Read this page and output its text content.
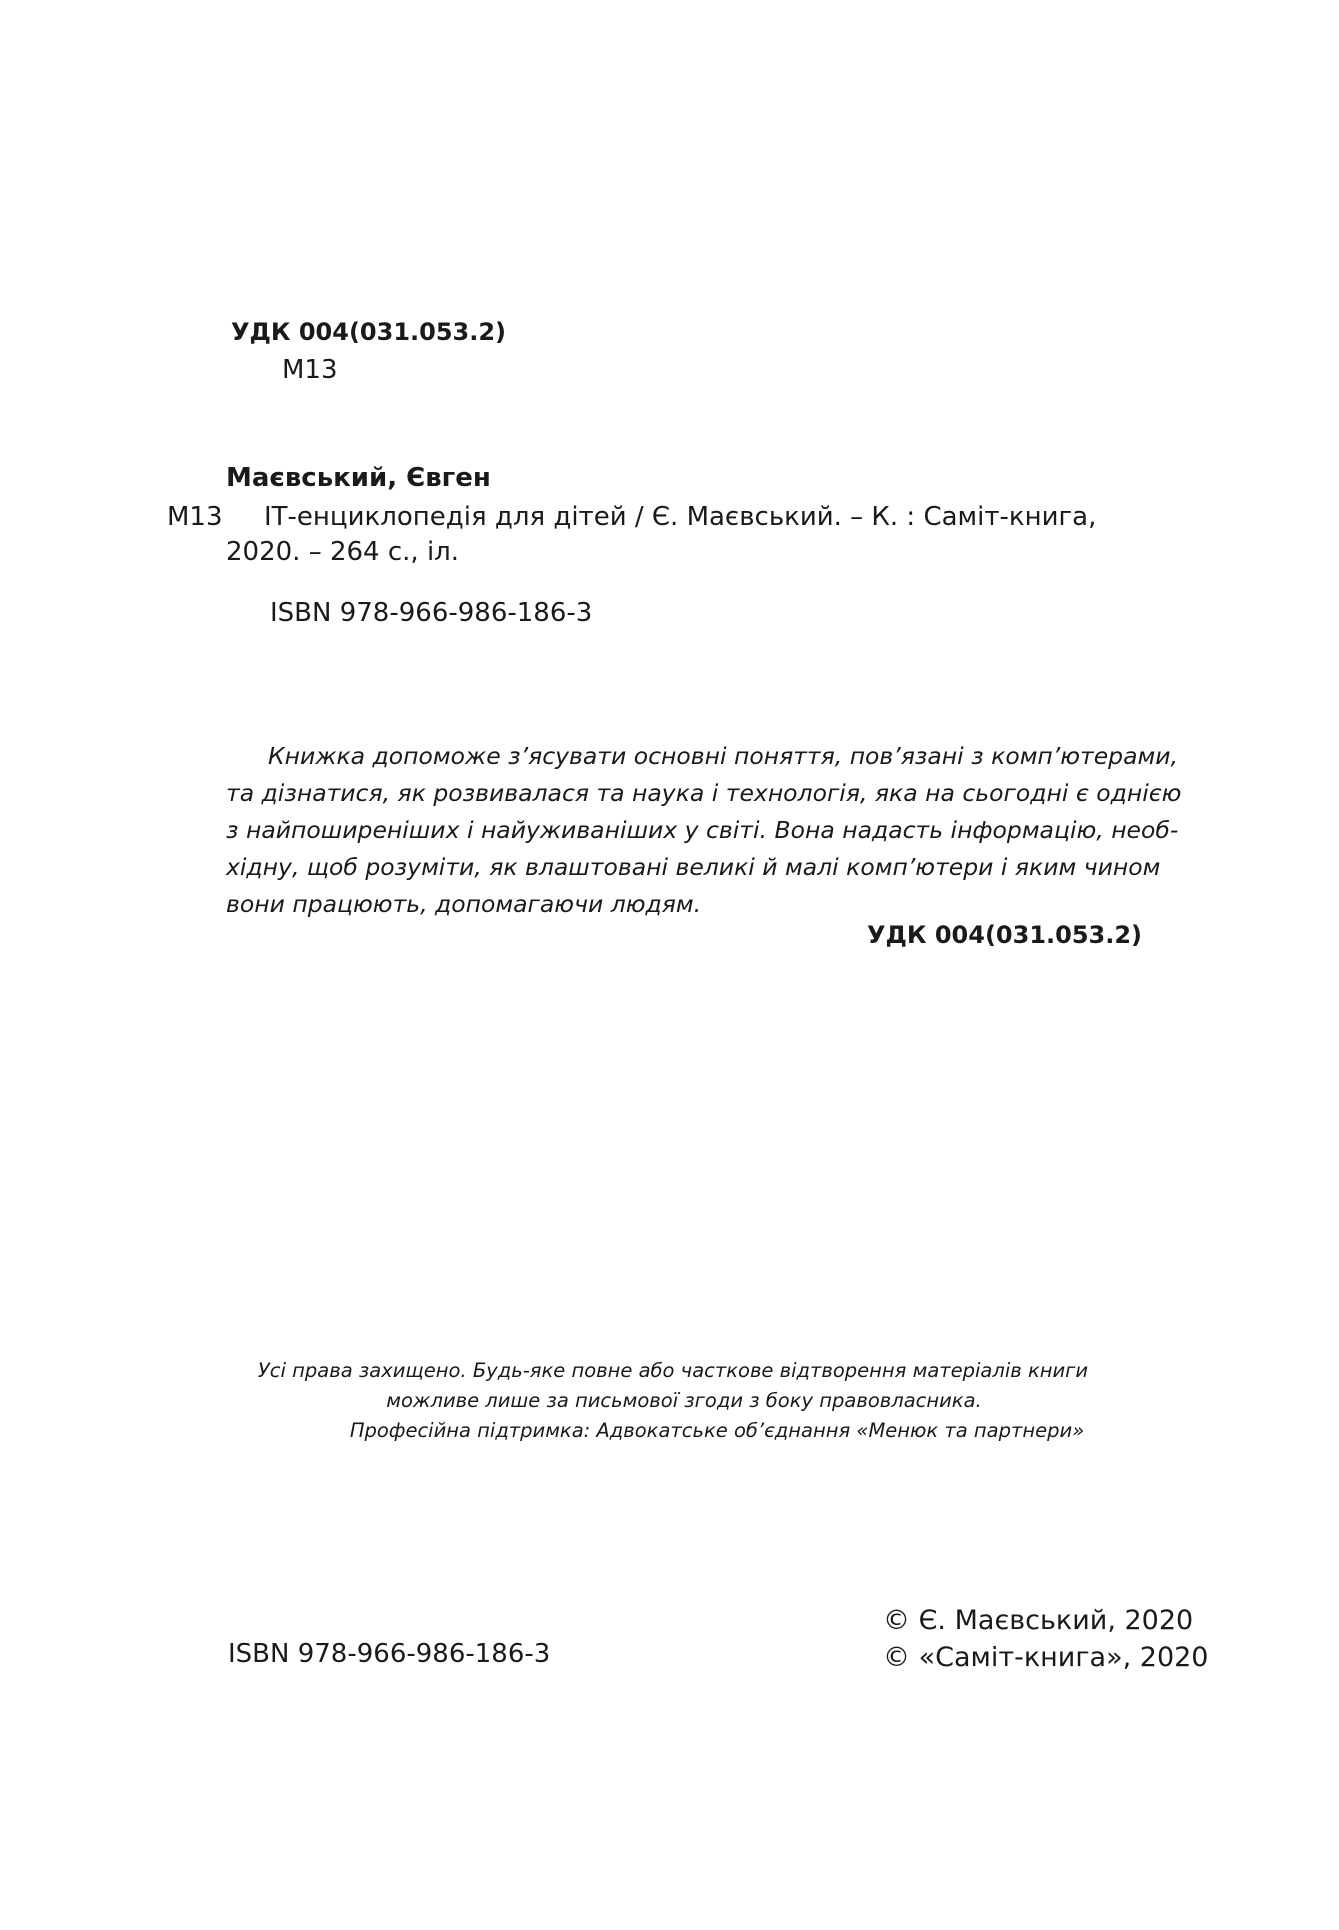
УДК 004(031.053.2)
М13
Маєвський, Євген
М13 ІТ-енциклопедія для дітей / Є. Маєвський. – К. : Саміт-книга,
2020. – 264 с., іл.
ISBN 978-966-986-186-3
Книжка допоможе з’ясувати основні поняття, пов’язані з комп’ютерами,
та дізнатися, як розвивалася та наука і технологія, яка на сьогодні є однією
з найпоширеніших і найуживаніших у світі. Вона надасть інформацію, необ-
хідну, щоб розуміти, як влаштовані великі й малі комп’ютери і яким чином
вони працюють, допомагаючи людям.
УДК 004(031.053.2)
Усі права захищено. Будь-яке повне або часткове відтворення матеріалів книги
можливе лише за письмової згоди з боку правовласника.
Професійна підтримка: Адвокатське об’єднання «Менюк та партнери»
ISBN 978-966-986-186-3
© Є. Маєвський, 2020
© «Саміт-книга», 2020
